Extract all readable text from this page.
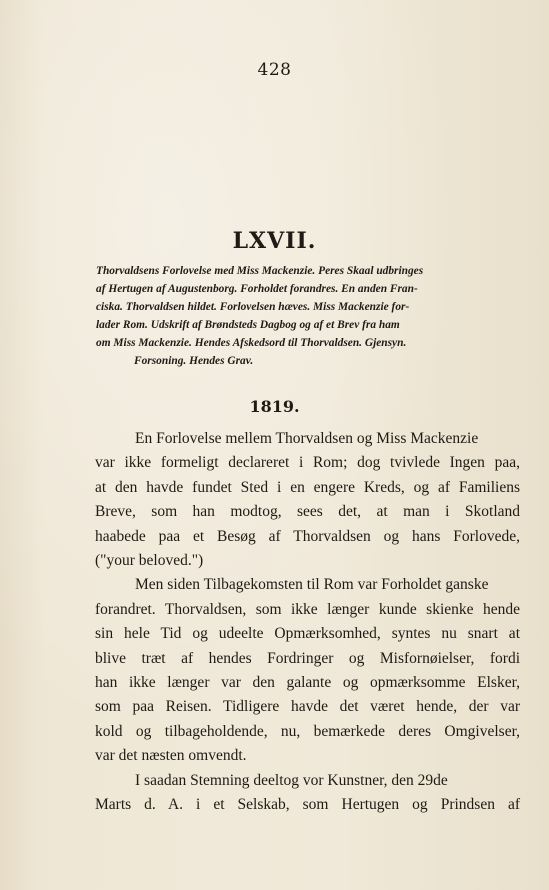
428
LXVII.
Thorvaldsens Forlovelse med Miss Mackenzie. Peres Skaal udbringes
af Hertugen af Augustenborg. Forholdet forandres. En anden Fran-
ciska. Thorvaldsen hildet. Forlovelsen hæves. Miss Mackenzie for-
lader Rom. Udskrift af Brøndsteds Dagbog og af et Brev fra ham
om Miss Mackenzie. Hendes Afskedsord til Thorvaldsen. Gjensyn.
Forsoning. Hendes Grav.
1819.
En Forlovelse mellem Thorvaldsen og Miss Mackenzie
var ikke formeligt declareret i Rom; dog tvivlede Ingen paa,
at den havde fundet Sted i en engere Kreds, og af Familiens
Breve, som han modtog, sees det, at man i Skotland
haabede paa et Besøg af Thorvaldsen og hans Forlovede,
("your beloved.")
Men siden Tilbagekomsten til Rom var Forholdet ganske
forandret. Thorvaldsen, som ikke længer kunde skienke hende
sin hele Tid og udeelte Opmærksomhed, syntes nu snart at
blive træt af hendes Fordringer og Misfornøielser, fordi
han ikke længer var den galante og opmærksomme Elsker,
som paa Reisen. Tidligere havde det været hende, der var
kold og tilbageholdende, nu, bemærkede deres Omgivelser,
var det næsten omvendt.
I saadan Stemning deeltog vor Kunstner, den 29de
Marts d. A. i et Selskab, som Hertugen og Prindsen af
